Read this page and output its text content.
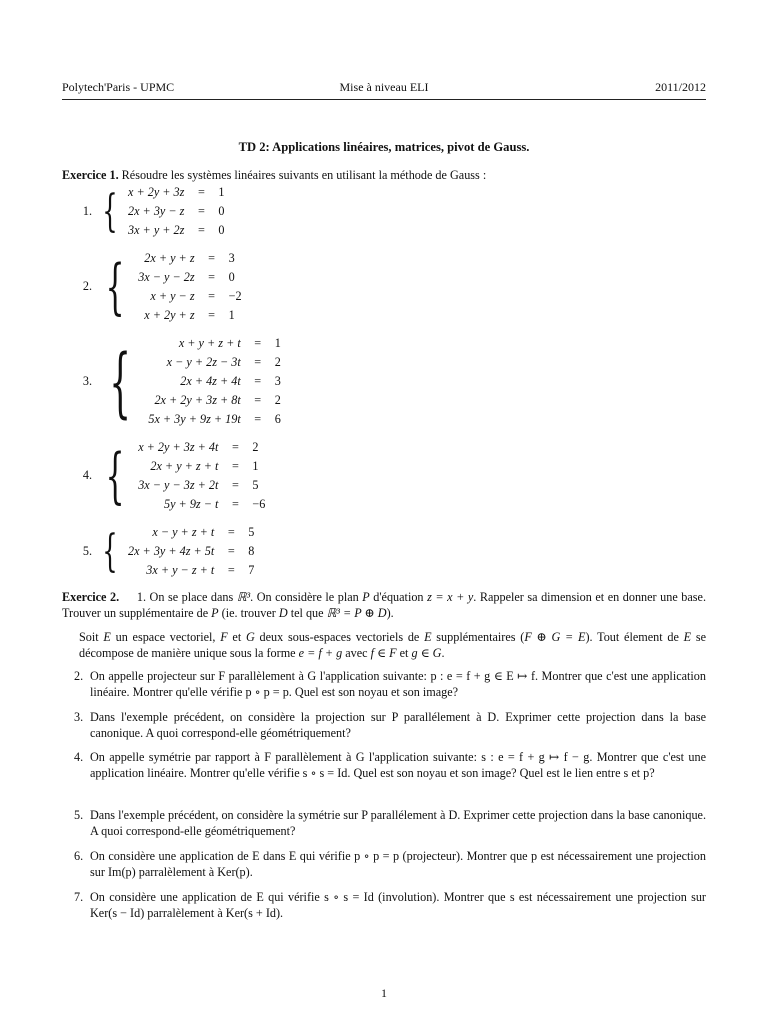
Polytech'Paris - UPMC	Mise à niveau ELI	2011/2012
TD 2: Applications linéaires, matrices, pivot de Gauss.
Exercice 1. Résoudre les systèmes linéaires suivants en utilisant la méthode de Gauss :
1. { x + 2y + 3z	=	1
2x + 3y − z	=	0
3x + y + 2z	=	0
2. { 2x + y + z	=	3
3x − y − 2z	=	0
x + y − z	=	−2
x + 2y + z	=	1
3. {	x + y + z + t	=	1
x − y + 2z − 3t	=	2
2x + 4z + 4t	=	3
2x + 2y + 3z + 8t	=	2
5x + 3y + 9z + 19t	=	6
4. { x + 2y + 3z + 4t	=	2
2x + y + z + t	=	1
3x − y − 3z + 2t	=	5
5y + 9z − t	=	−6
5. {	x − y + z + t	=	5
2x + 3y + 4z + 5t	=	8
3x + y − z + t	=	7

Exercice 2. 1. On se place dans ℝ³. On considère le plan P d'équation z = x + y. Rappeler sa dimension et en donner une base. Trouver un supplémentaire de P (ie. trouver D tel que ℝ³ = P ⊕ D).

Soit E un espace vectoriel, F et G deux sous-espaces vectoriels de E supplémentaires (F ⊕ G = E). Tout élement de E se décompose de manière unique sous la forme e = f + g avec f ∈ F et g ∈ G.

2. On appelle projecteur sur F parallèlement à G l'application suivante: p : e = f + g ∈ E ↦ f. Montrer que c'est une application linéaire. Montrer qu'elle vérifie p ∘ p = p. Quel est son noyau et son image?
3. Dans l'exemple précédent, on considère la projection sur P parallélement à D. Exprimer cette projection dans la base canonique. A quoi correspond-elle géométriquement?
4. On appelle symétrie par rapport à F parallèlement à G l'application suivante: s : e = f + g ↦ f − g. Montrer que c'est une application linéaire. Montrer qu'elle vérifie s ∘ s = Id. Quel est son noyau et son image? Quel est le lien entre s et p?
5. Dans l'exemple précédent, on considère la symétrie sur P parallélement à D. Exprimer cette projection dans la base canonique. A quoi correspond-elle géométriquement?
6. On considère une application de E dans E qui vérifie p ∘ p = p (projecteur). Montrer que p est nécessairement une projection sur Im(p) parralèlement à Ker(p).
7. On considère une application de E qui vérifie s ∘ s = Id (involution). Montrer que s est nécessairement une projection sur Ker(s − Id) parralèlement à Ker(s + Id).
1
